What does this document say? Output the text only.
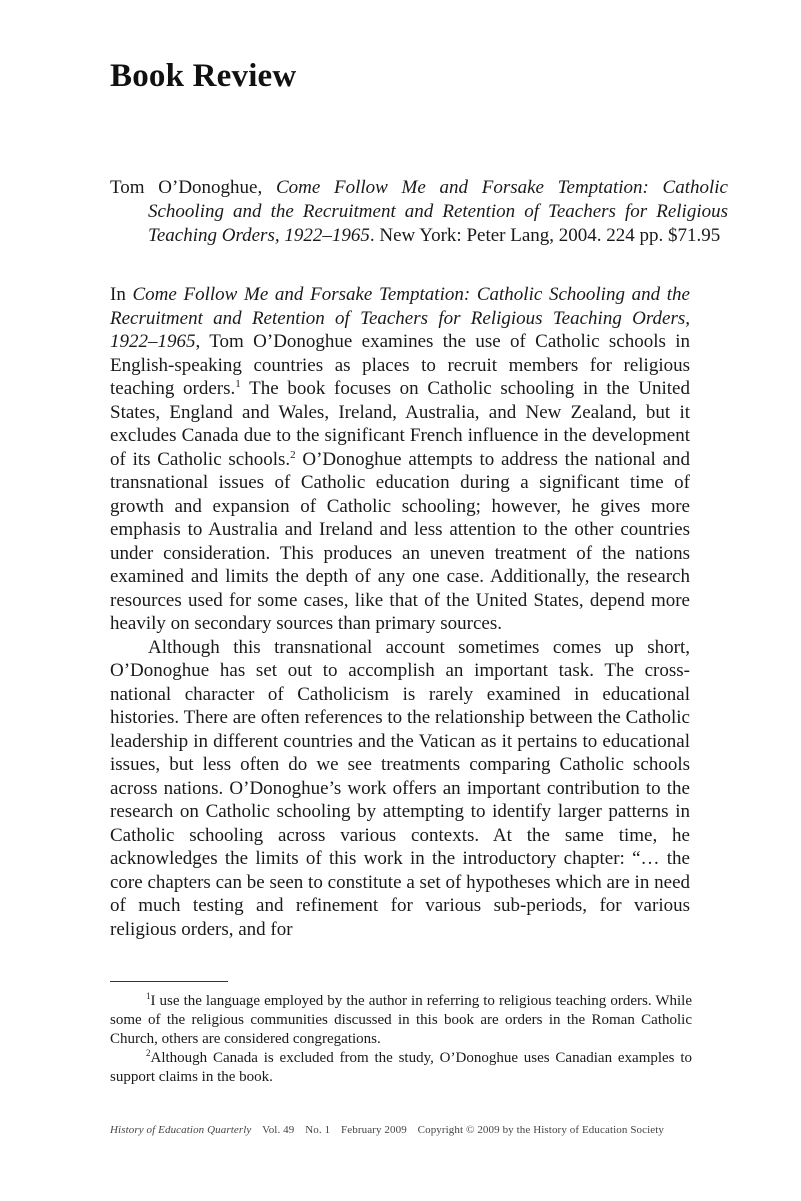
Book Review

Tom O’Donoghue, Come Follow Me and Forsake Temptation: Catholic Schooling and the Recruitment and Retention of Teachers for Religious Teaching Orders, 1922–1965. New York: Peter Lang, 2004. 224 pp. $71.95

In Come Follow Me and Forsake Temptation: Catholic Schooling and the Recruitment and Retention of Teachers for Religious Teaching Orders, 1922–1965, Tom O’Donoghue examines the use of Catholic schools in English-speaking countries as places to recruit members for religious teaching orders.$^1$ The book focuses on Catholic schooling in the United States, England and Wales, Ireland, Australia, and New Zealand, but it excludes Canada due to the significant French influence in the development of its Catholic schools.$^2$ O’Donoghue attempts to address the national and transnational issues of Catholic education during a significant time of growth and expansion of Catholic schooling; however, he gives more emphasis to Australia and Ireland and less attention to the other countries under consideration. This produces an uneven treatment of the nations examined and limits the depth of any one case. Additionally, the research resources used for some cases, like that of the United States, depend more heavily on secondary sources than primary sources.

Although this transnational account sometimes comes up short, O’Donoghue has set out to accomplish an important task. The cross-national character of Catholicism is rarely examined in educational histories. There are often references to the relationship between the Catholic leadership in different countries and the Vatican as it pertains to educational issues, but less often do we see treatments comparing Catholic schools across nations. O’Donoghue’s work offers an important contribution to the research on Catholic schooling by attempting to identify larger patterns in Catholic schooling across various contexts. At the same time, he acknowledges the limits of this work in the introductory chapter: “… the core chapters can be seen to constitute a set of hypotheses which are in need of much testing and refinement for various sub-periods, for various religious orders, and for

$^1$I use the language employed by the author in referring to religious teaching orders. While some of the religious communities discussed in this book are orders in the Roman Catholic Church, others are considered congregations.

$^2$Although Canada is excluded from the study, O’Donoghue uses Canadian examples to support claims in the book.

History of Education Quarterly Vol. 49 No. 1 February 2009 Copyright © 2009 by the History of Education Society
